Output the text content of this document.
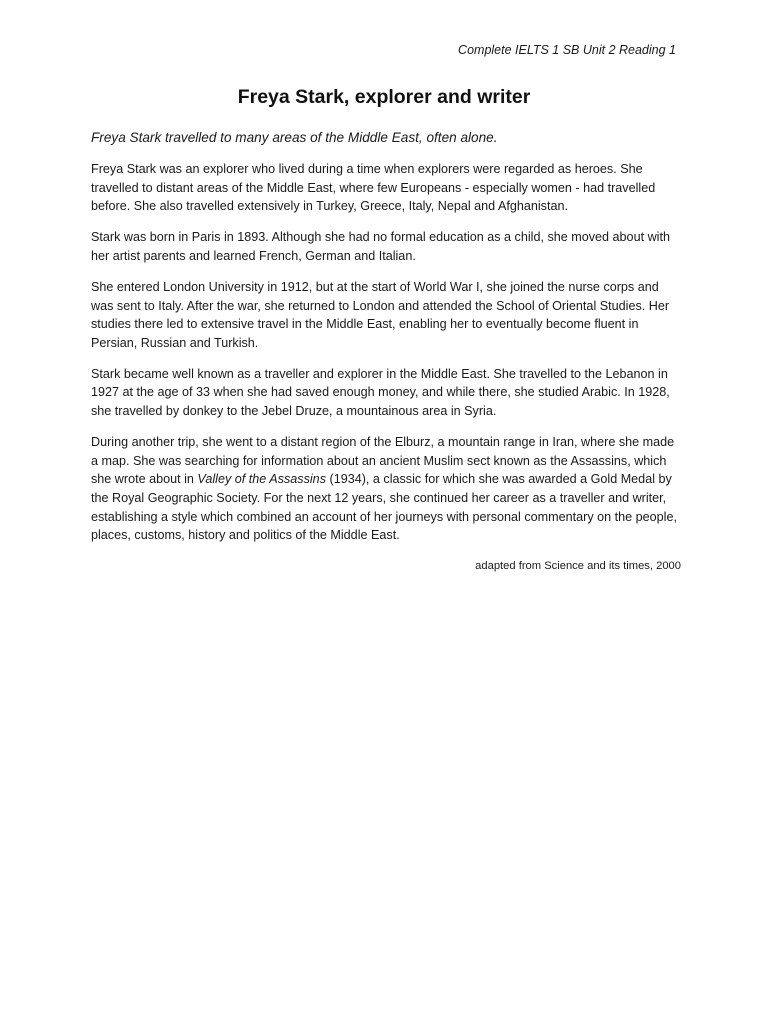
Complete IELTS 1 SB Unit 2 Reading 1
Freya Stark, explorer and writer

Freya Stark travelled to many areas of the Middle East, often alone.

Freya Stark was an explorer who lived during a time when explorers were regarded as heroes. She travelled to distant areas of the Middle East, where few Europeans - especially women - had travelled before. She also travelled extensively in Turkey, Greece, Italy, Nepal and Afghanistan.

Stark was born in Paris in 1893. Although she had no formal education as a child, she moved about with her artist parents and learned French, German and Italian.

She entered London University in 1912, but at the start of World War I, she joined the nurse corps and was sent to Italy. After the war, she returned to London and attended the School of Oriental Studies. Her studies there led to extensive travel in the Middle East, enabling her to eventually become fluent in Persian, Russian and Turkish.

Stark became well known as a traveller and explorer in the Middle East. She travelled to the Lebanon in 1927 at the age of 33 when she had saved enough money, and while there, she studied Arabic. In 1928, she travelled by donkey to the Jebel Druze, a mountainous area in Syria.

During another trip, she went to a distant region of the Elburz, a mountain range in Iran, where she made a map. She was searching for information about an ancient Muslim sect known as the Assassins, which she wrote about in Valley of the Assassins (1934), a classic for which she was awarded a Gold Medal by the Royal Geographic Society. For the next 12 years, she continued her career as a traveller and writer, establishing a style which combined an account of her journeys with personal commentary on the people, places, customs, history and politics of the Middle East.

adapted from Science and its times, 2000
